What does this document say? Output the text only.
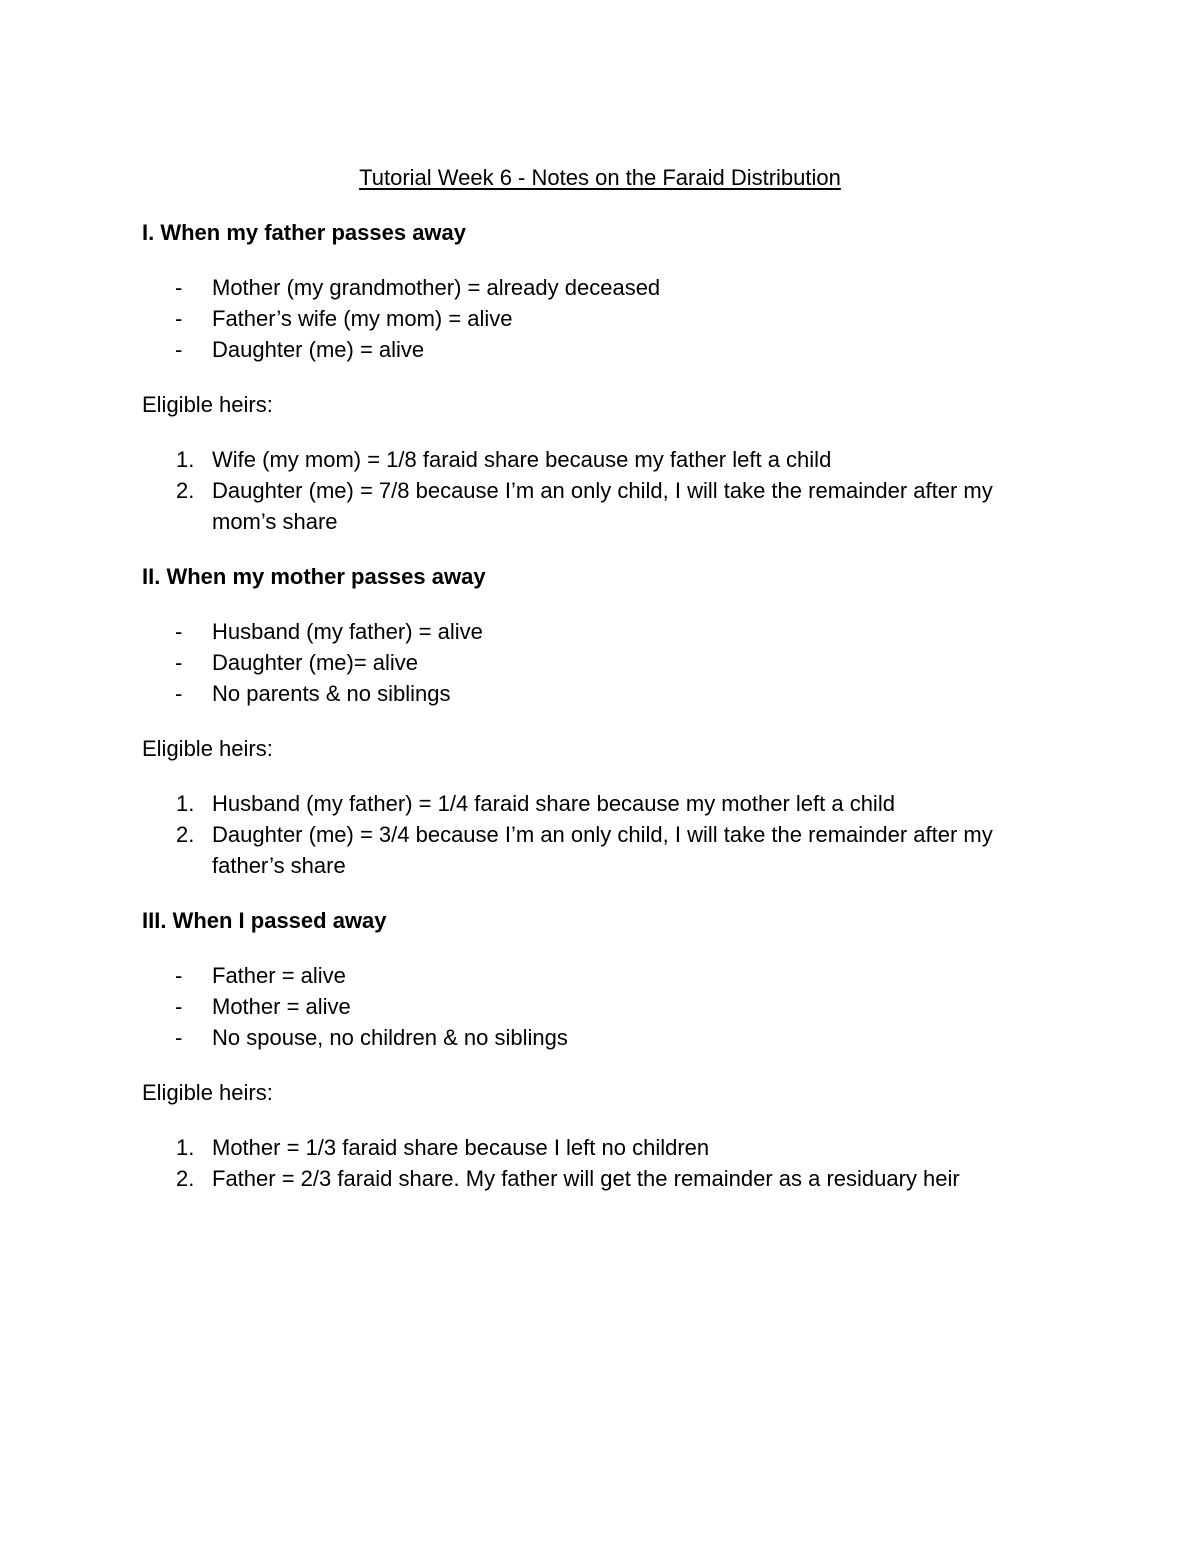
Tutorial Week 6 - Notes on the Faraid Distribution
I. When my father passes away
- Mother (my grandmother) = already deceased
- Father’s wife (my mom) = alive
- Daughter (me) = alive
Eligible heirs:
1. Wife (my mom) = 1/8 faraid share because my father left a child
2. Daughter (me) = 7/8 because I’m an only child, I will take the remainder after my mom’s share
II. When my mother passes away
- Husband (my father) = alive
- Daughter (me)= alive
- No parents & no siblings
Eligible heirs:
1. Husband (my father) = 1/4 faraid share because my mother left a child
2. Daughter (me) = 3/4 because I’m an only child, I will take the remainder after my father’s share
III. When I passed away
- Father = alive
- Mother = alive
- No spouse, no children & no siblings
Eligible heirs:
1. Mother = 1/3 faraid share because I left no children
2. Father = 2/3 faraid share. My father will get the remainder as a residuary heir
